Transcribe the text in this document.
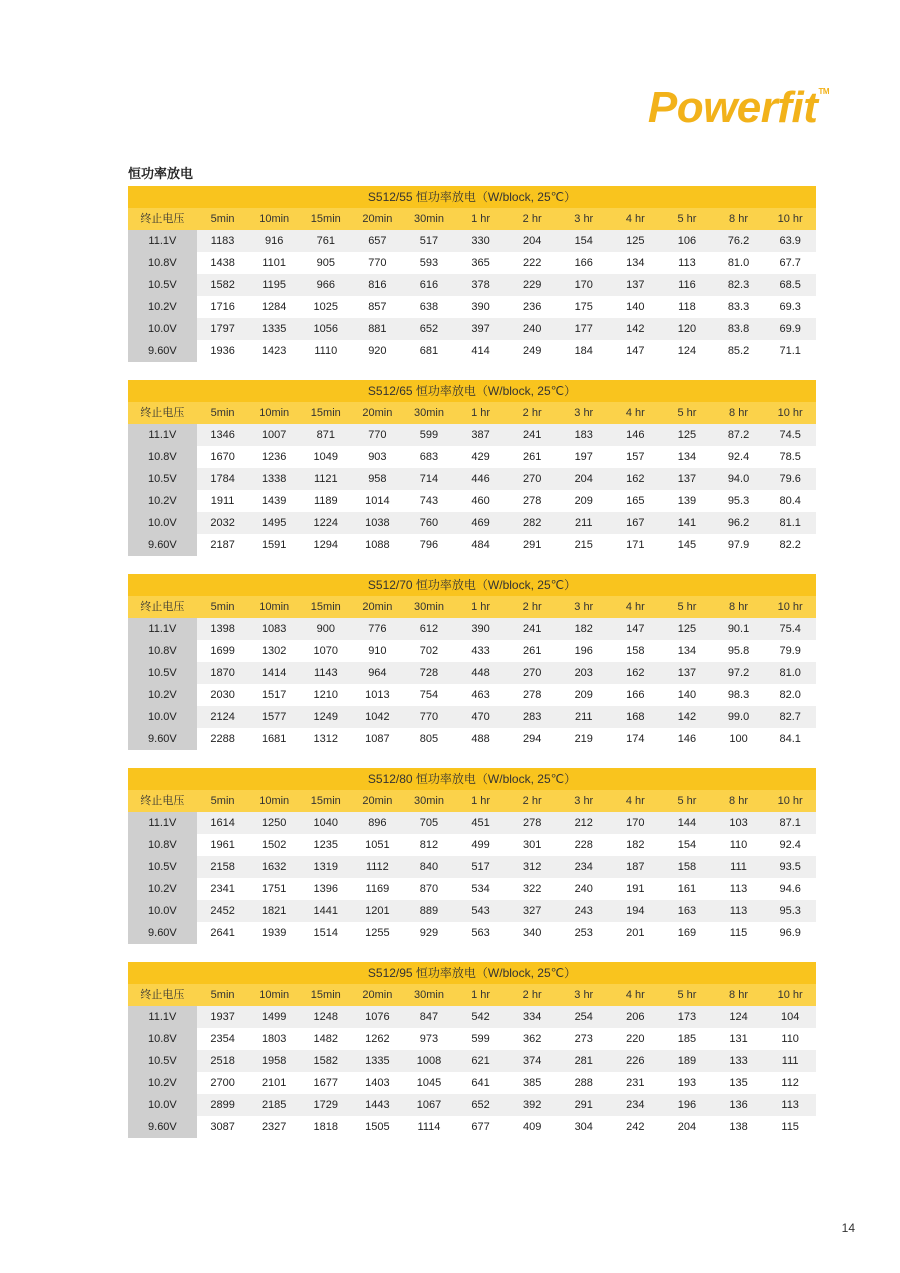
Powerfit™
恒功率放电
S512/55 恒功率放电（W/block, 25℃）												
终止电压	5min	10min	15min	20min	30min	1 hr	2 hr	3 hr	4 hr	5 hr	8 hr	10 hr
11.1V	1183	916	761	657	517	330	204	154	125	106	76.2	63.9
10.8V	1438	1101	905	770	593	365	222	166	134	113	81.0	67.7
10.5V	1582	1195	966	816	616	378	229	170	137	116	82.3	68.5
10.2V	1716	1284	1025	857	638	390	236	175	140	118	83.3	69.3
10.0V	1797	1335	1056	881	652	397	240	177	142	120	83.8	69.9
9.60V	1936	1423	1110	920	681	414	249	184	147	124	85.2	71.1
S512/65 恒功率放电（W/block, 25℃）												
终止电压	5min	10min	15min	20min	30min	1 hr	2 hr	3 hr	4 hr	5 hr	8 hr	10 hr
11.1V	1346	1007	871	770	599	387	241	183	146	125	87.2	74.5
10.8V	1670	1236	1049	903	683	429	261	197	157	134	92.4	78.5
10.5V	1784	1338	1121	958	714	446	270	204	162	137	94.0	79.6
10.2V	1911	1439	1189	1014	743	460	278	209	165	139	95.3	80.4
10.0V	2032	1495	1224	1038	760	469	282	211	167	141	96.2	81.1
9.60V	2187	1591	1294	1088	796	484	291	215	171	145	97.9	82.2
S512/70 恒功率放电（W/block, 25℃）												
终止电压	5min	10min	15min	20min	30min	1 hr	2 hr	3 hr	4 hr	5 hr	8 hr	10 hr
11.1V	1398	1083	900	776	612	390	241	182	147	125	90.1	75.4
10.8V	1699	1302	1070	910	702	433	261	196	158	134	95.8	79.9
10.5V	1870	1414	1143	964	728	448	270	203	162	137	97.2	81.0
10.2V	2030	1517	1210	1013	754	463	278	209	166	140	98.3	82.0
10.0V	2124	1577	1249	1042	770	470	283	211	168	142	99.0	82.7
9.60V	2288	1681	1312	1087	805	488	294	219	174	146	100	84.1
S512/80 恒功率放电（W/block, 25℃）												
终止电压	5min	10min	15min	20min	30min	1 hr	2 hr	3 hr	4 hr	5 hr	8 hr	10 hr
11.1V	1614	1250	1040	896	705	451	278	212	170	144	103	87.1
10.8V	1961	1502	1235	1051	812	499	301	228	182	154	110	92.4
10.5V	2158	1632	1319	1112	840	517	312	234	187	158	111	93.5
10.2V	2341	1751	1396	1169	870	534	322	240	191	161	113	94.6
10.0V	2452	1821	1441	1201	889	543	327	243	194	163	113	95.3
9.60V	2641	1939	1514	1255	929	563	340	253	201	169	115	96.9
S512/95 恒功率放电（W/block, 25℃）												
终止电压	5min	10min	15min	20min	30min	1 hr	2 hr	3 hr	4 hr	5 hr	8 hr	10 hr
11.1V	1937	1499	1248	1076	847	542	334	254	206	173	124	104
10.8V	2354	1803	1482	1262	973	599	362	273	220	185	131	110
10.5V	2518	1958	1582	1335	1008	621	374	281	226	189	133	111
10.2V	2700	2101	1677	1403	1045	641	385	288	231	193	135	112
10.0V	2899	2185	1729	1443	1067	652	392	291	234	196	136	113
9.60V	3087	2327	1818	1505	1114	677	409	304	242	204	138	115
14
